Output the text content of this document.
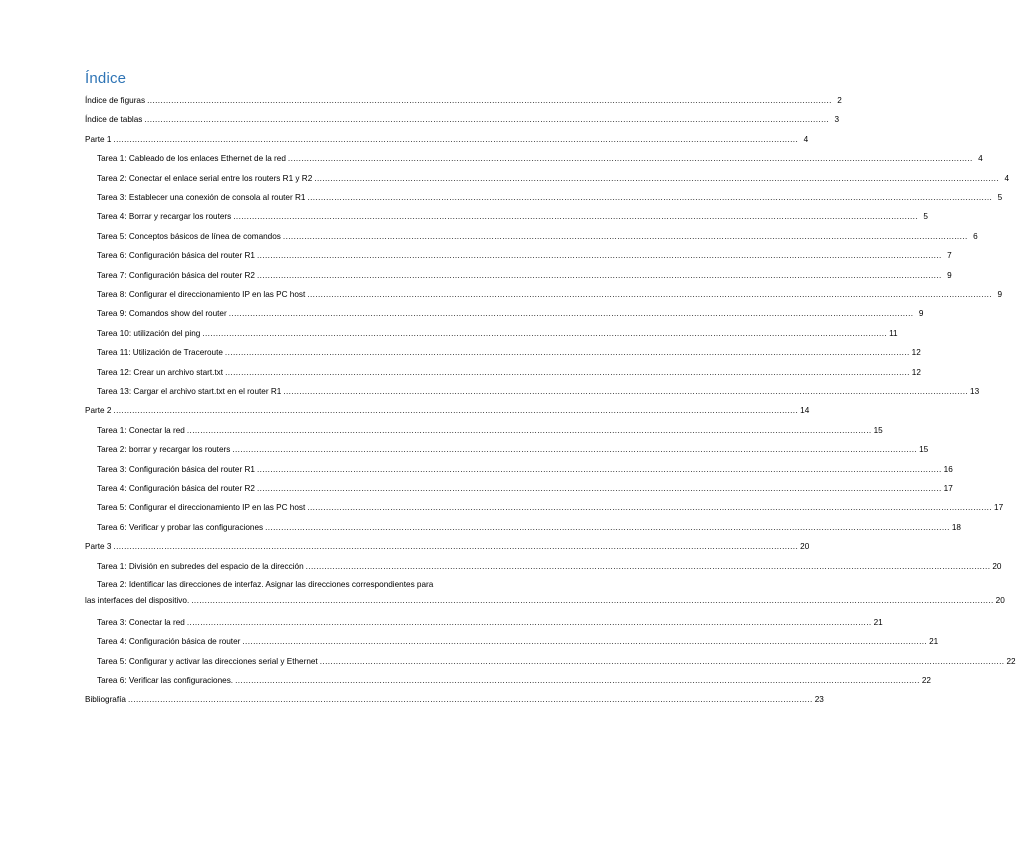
Índice
Índice de figuras .....	2
Índice de tablas .....	3
Parte 1 .....	4
Tarea 1: Cableado de los enlaces Ethernet de la red .....	4
Tarea 2: Conectar el enlace serial entre los routers R1 y R2 .....	4
Tarea 3: Establecer una conexión de consola al router R1 .....	5
Tarea 4: Borrar y recargar los routers .....	5
Tarea 5: Conceptos básicos de línea de comandos .....	6
Tarea 6: Configuración básica del router R1 .....	7
Tarea 7: Configuración básica del router R2 .....	9
Tarea 8: Configurar el direccionamiento IP en las PC host .....	9
Tarea 9: Comandos show del router .....	9
Tarea 10: utilización del ping .....	11
Tarea 11: Utilización de Traceroute .....	12
Tarea 12: Crear un archivo start.txt .....	12
Tarea 13: Cargar el archivo start.txt en el router R1 .....	13
Parte 2 .....	14
Tarea 1: Conectar la red .....	15
Tarea 2: borrar y recargar los routers .....	15
Tarea 3: Configuración básica del router R1 .....	16
Tarea 4: Configuración básica del router R2 .....	17
Tarea 5: Configurar el direccionamiento IP en las PC host .....	17
Tarea 6: Verificar y probar las configuraciones .....	18
Parte 3 .....	20
Tarea 1: División en subredes del espacio de la dirección .....	20
Tarea 2: Identificar las direcciones de interfaz. Asignar las direcciones correspondientes para
las interfaces del dispositivo. ............................................................................................................................................................................................................................................................................................................ 20
Tarea 3: Conectar la red .....	21
Tarea 4: Configuración básica de router .....	21
Tarea 5: Configurar y activar las direcciones serial y Ethernet .....	22
Tarea 6: Verificar las configuraciones. .....	22
Bibliografía .....	23
